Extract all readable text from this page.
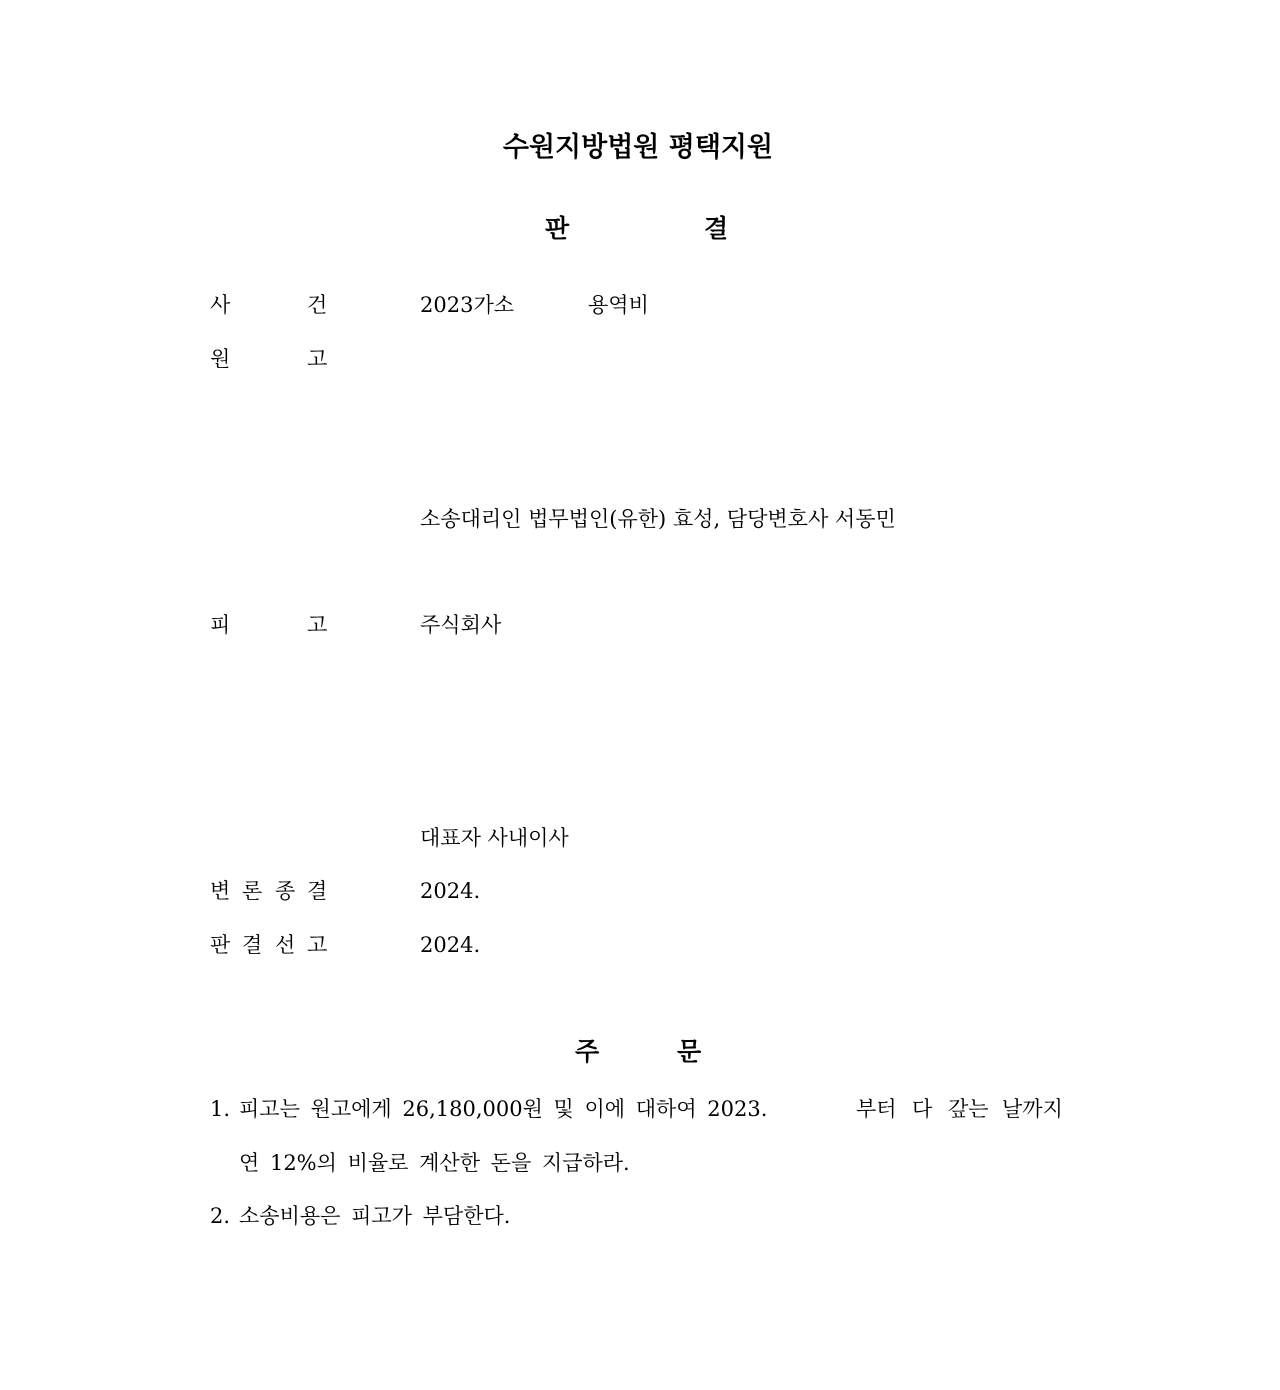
수원지방법원 평택지원
판	결
사	건	2023가소	용역비
원	고
소송대리인 법무법인(유한) 효성, 담당변호사 서동민
피	고	주식회사
대표자 사내이사
변 론 종 결	2024.
판 결 선 고	2024.
주	문
1. 피고는 원고에게 26,180,000원 및 이에 대하여 2023.	부터 다 갚는 날까지
연 12%의 비율로 계산한 돈을 지급하라.
2. 소송비용은 피고가 부담한다.
